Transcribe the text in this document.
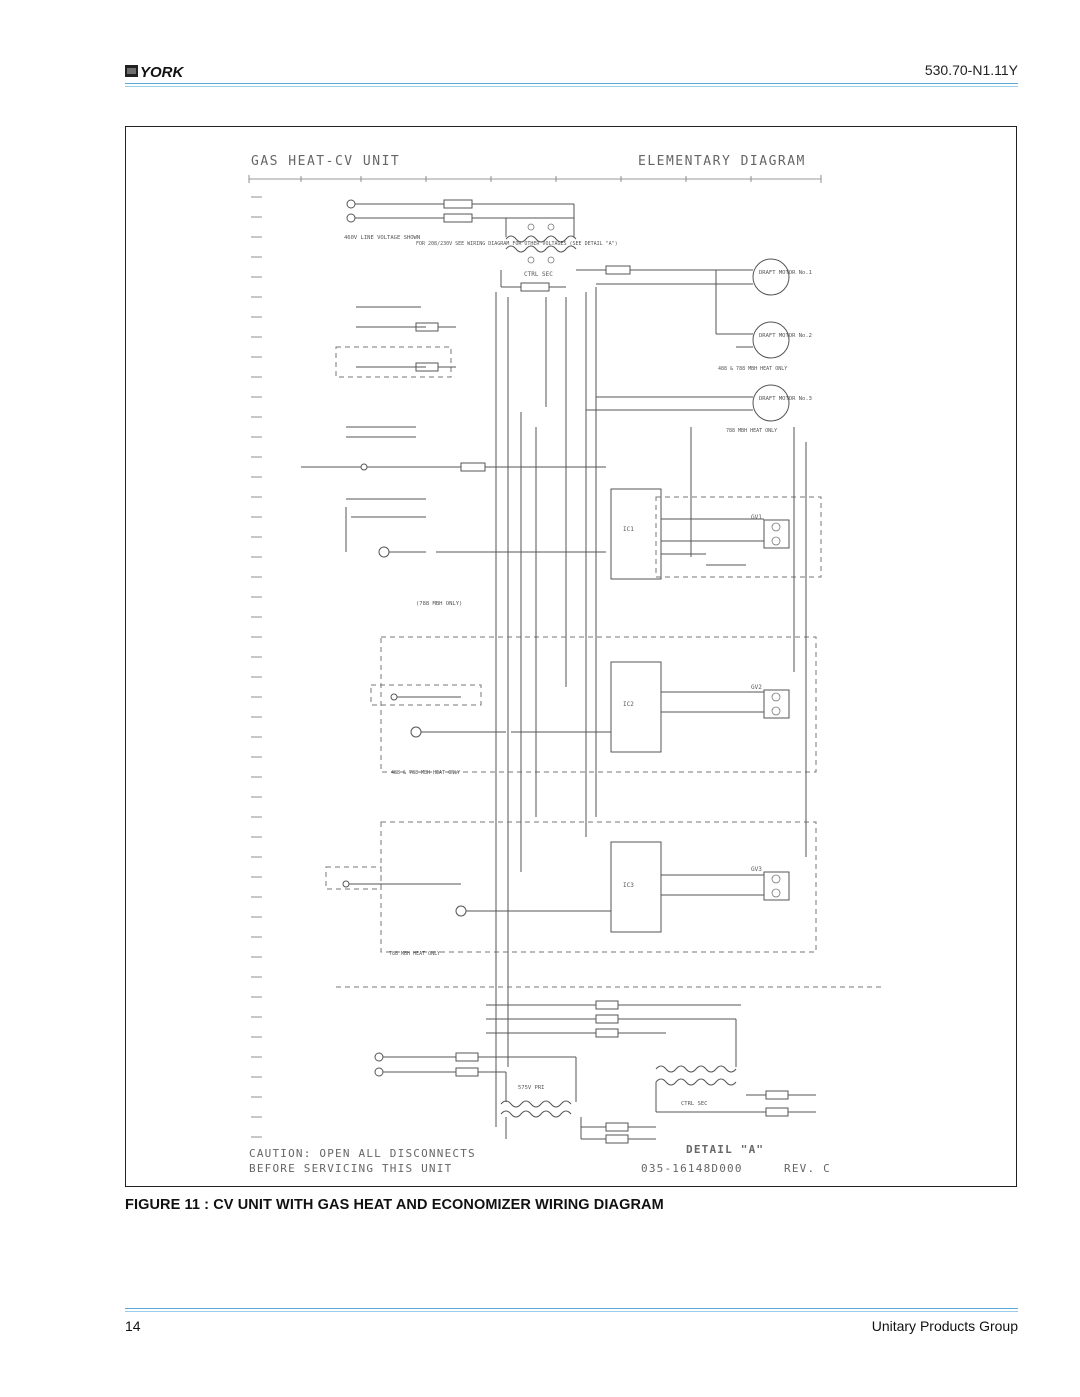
YORK	530.70-N1.11Y
GAS HEAT-CV UNIT	ELEMENTARY DIAGRAM
CTRL SEC
460V LINE VOLTAGE SHOWN
FOR 208/230V SEE WIRING DIAGRAM FOR OTHER VOLTAGES (SEE DETAIL "A")
DRAFT MOTOR No.1
DRAFT MOTOR No.2
488 & 788 MBH HEAT ONLY
DRAFT MOTOR No.3
788 MBH HEAT ONLY
(788 MBH ONLY)
IC1
GV1
IC2
GV2
488 & 788 MBH HEAT ONLY
IC3
GV3
788 MBH HEAT ONLY
CTRL SEC
575V PRI
CAUTION: OPEN ALL DISCONNECTS
BEFORE SERVICING THIS UNIT
DETAIL "A"
035-16148D000	REV. C
FIGURE 11 : CV UNIT WITH GAS HEAT AND ECONOMIZER WIRING DIAGRAM
14	Unitary Products Group
